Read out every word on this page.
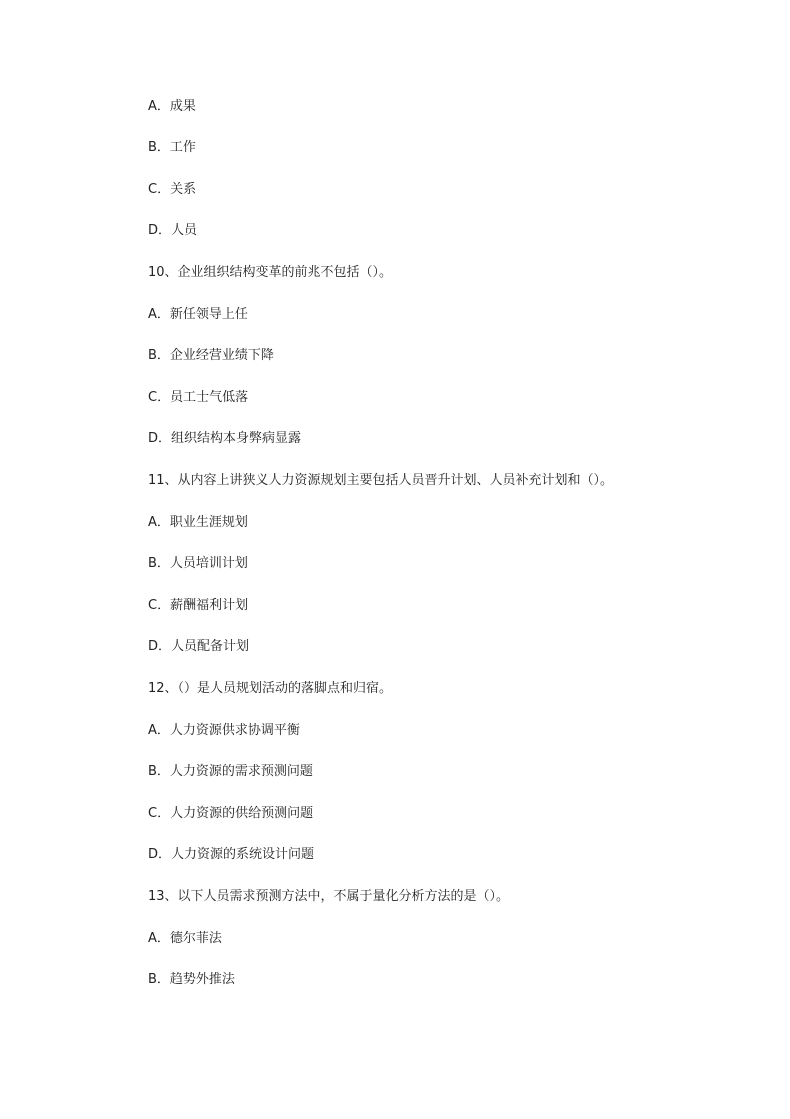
A．成果
B．工作
C．关系
D．人员
10、企业组织结构变革的前兆不包括（）。
A．新任领导上任
B．企业经营业绩下降
C．员工士气低落
D．组织结构本身弊病显露
11、从内容上讲狭义人力资源规划主要包括人员晋升计划、人员补充计划和（）。
A．职业生涯规划
B．人员培训计划
C．薪酬福利计划
D．人员配备计划
12、（）是人员规划活动的落脚点和归宿。
A．人力资源供求协调平衡
B．人力资源的需求预测问题
C．人力资源的供给预测问题
D．人力资源的系统设计问题
13、以下人员需求预测方法中，不属于量化分析方法的是（）。
A．德尔菲法
B．趋势外推法
